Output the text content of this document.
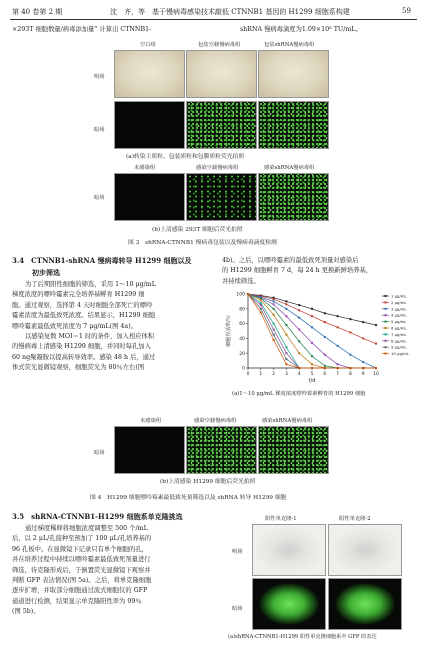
第 40 卷第 2 期	沈　齐，等　基于慢病毒感染技术敲低 CTNNB1 基因的 H1299 细胞系构建	59
×293T 细胞数量/病毒添加量” 计算出 CTNNB1-	shRNA 慢病毒滴度为1.09×10⁸ TU/mL。
空白组	包装空载慢病毒组	包装shRNA慢病毒组
明场
暗场
(a)转染主质粒、包装质粒和包膜质粒荧光拍照
未感染组	感染空载慢病毒组	感染shRNA慢病毒组
暗场
(b)上清感染 293T 细胞后荧光拍照
图 3　shRNA-CTNNB1 慢病毒包装以及慢病毒滴度检测
3.4　CTNNB1-shRNA 慢病毒转导 H1299 细胞以及
初步筛选
为了后期阳性细胞的筛选，采用 1～10 μg/mL
梯度浓度的嘌呤霉素完全培养基孵育 H1299 细
胞。通过观察，选择第 4 天时细胞全部死亡的嘌呤
霉素浓度为最低致死浓度。结果显示，H1299 细胞
嘌呤霉素最低致死浓度为 7 μg/mL(图 4a)。
以感染复数 MOI＝1 时的条件，加入相应体积
的慢病毒上清感染 H1299 细胞，并同时每孔加入
60 ng聚凝胺以提高转导效率。感染 48 h 后，通过
体式荧光显微镜观察，细胞荧光为 80％左右(图
4b)。之后，以嘌呤霉素的最低致死剂量对感染后
的 H1299 细胞孵育 7 d，每 24 h 更换新鲜培养基，
并持续筛选。
0
20
40
60
80
100
0 1 2 3 4 5 6 7 8 9 10
t/d
细胞存活率/％
1 μg/mL
2 μg/mL
3 μg/mL
4 μg/mL
5 μg/mL
6 μg/mL
7 μg/mL
8 μg/mL
9 μg/mL
10 μg/mL
(a)1～10 μg/mL 梯度浓度嘌呤霉素孵育的 H1299 细胞
未感染组	感染空载慢病毒组	感染shRNA慢病毒组
暗场
(b)上清感染 H1299 细胞后荧光拍照
图 4　H1299 细胞嘌呤霉素最低致死量筛选以及 shRNA 转导 H1299 细胞
3.5　shRNA-CTNNB1-H1299 细胞系单克隆挑选
通过梯度稀释将细胞浓度调整至 500 个/mL
后，以 2 μL/孔接种至预加了 100 μL/孔培养基的
96 孔板中。在显微镜下记录只有单个细胞的孔，
并在培养过程中持续以嘌呤霉素最低致死剂量进行
筛选，待克隆形成后，于倒置荧光显微镜下观察并
判断 GFP 表达情况(图 5a)。之后，将单克隆细胞
逐步扩增，并取部分细胞通过流式细胞仪的 GFP
通道进行检测，结果显示单克隆阳性率为 99％
(图 5b)。
阳性单克隆-1	阳性单克隆-2
明场
暗场
(a)shRNA-CTNNB1-H1299 阳性单克隆细胞系中 GFP 的表达
